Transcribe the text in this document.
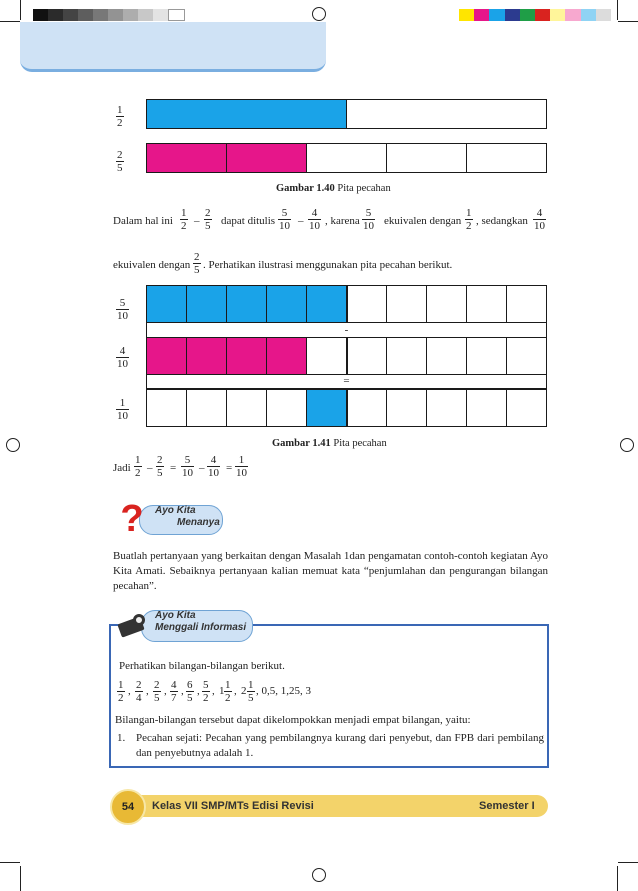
$\frac{1}{2}$
$\frac{2}{5}$
Gambar 1.40 Pita pecahan
Dalam hal ini $\frac{1}{2} - \frac{2}{5}$ dapat ditulis $\frac{5}{10} - \frac{4}{10}$ , karena $\frac{5}{10}$ ekuivalen dengan $\frac{1}{2}$ , sedangkan $\frac{4}{10}$
ekuivalen dengan $\frac{2}{5}$ . Perhatikan ilustrasi menggunakan pita pecahan berikut.
$\frac{5}{10}$
-
$\frac{4}{10}$
=
$\frac{1}{10}$
Gambar 1.41 Pita pecahan
Jadi $\frac{1}{2} - \frac{2}{5} = \frac{5}{10} - \frac{4}{10} = \frac{1}{10}$
?	Ayo Kita
Menanya
Buatlah pertanyaan yang berkaitan dengan Masalah 1dan pengamatan contoh-contoh kegiatan Ayo Kita Amati. Sebaiknya pertanyaan kalian memuat kata “penjumlahan dan pengurangan bilangan pecahan”.
Ayo Kita
Menggali Informasi
Perhatikan bilangan-bilangan berikut.
$\frac{1}{2}$ , $\frac{2}{4}$ , $\frac{2}{5}$ , $\frac{4}{7}$ , $\frac{6}{5}$ , $\frac{5}{2}$ , $1 \frac{1}{2}$ , $2 \frac{1}{5}$ , 0,5, 1,25, 3
Bilangan-bilangan tersebut dapat dikelompokkan menjadi empat bilangan, yaitu:
1. Pecahan sejati: Pecahan yang pembilangnya kurang dari penyebut, dan FPB dari pembilang dan penyebutnya adalah 1.
54	Kelas VII SMP/MTs Edisi Revisi	Semester I
